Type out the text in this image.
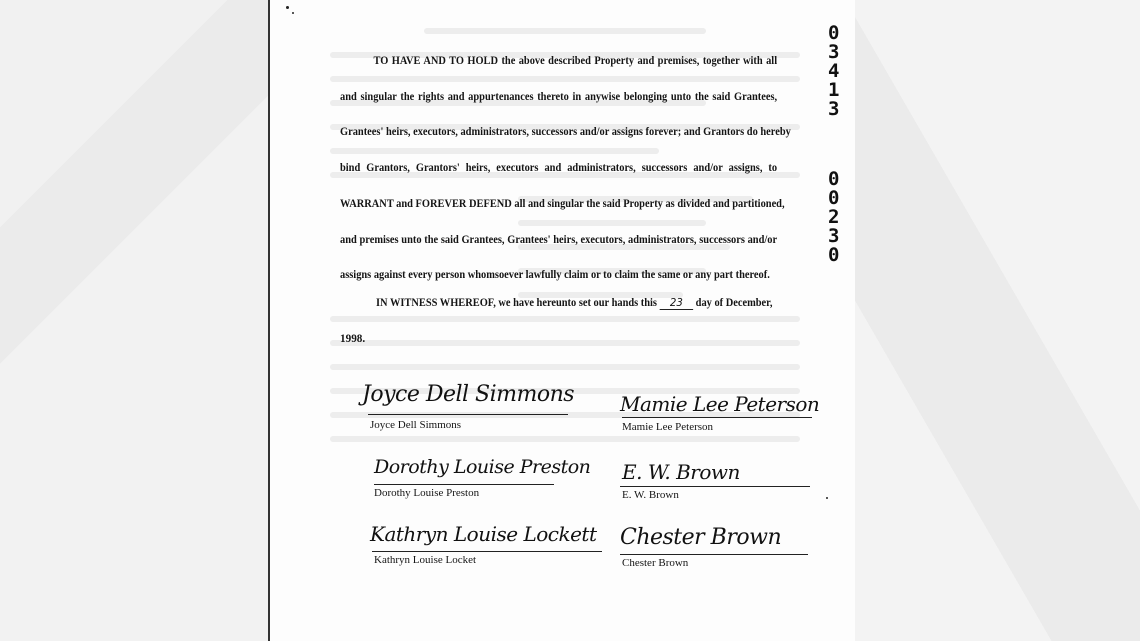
TO HAVE AND TO HOLD the above described Property and premises, together with all
and singular the rights and appurtenances thereto in anywise belonging unto the said Grantees,
Grantees' heirs, executors, administrators, successors and/or assigns forever; and Grantors do hereby
bind Grantors, Grantors' heirs, executors and administrators, successors and/or assigns, to
WARRANT and FOREVER DEFEND all and singular the said Property as divided and partitioned,
and premises unto the said Grantees, Grantees' heirs, executors, administrators, successors and/or
assigns against every person whomsoever lawfully claim or to claim the same or any part thereof.
IN WITNESS WHEREOF, we have hereunto set our hands this 23 day of December,
1998.
Joyce Dell Simmons
Joyce Dell Simmons
Mamie Lee Peterson
Mamie Lee Peterson
Dorothy Louise Preston
Dorothy Louise Preston
E. W. Brown
E. W. Brown
Kathryn Louise Lockett
Kathryn Louise Locket
Chester Brown
Chester Brown
0
3
4
1
3
0
0
2
3
0
